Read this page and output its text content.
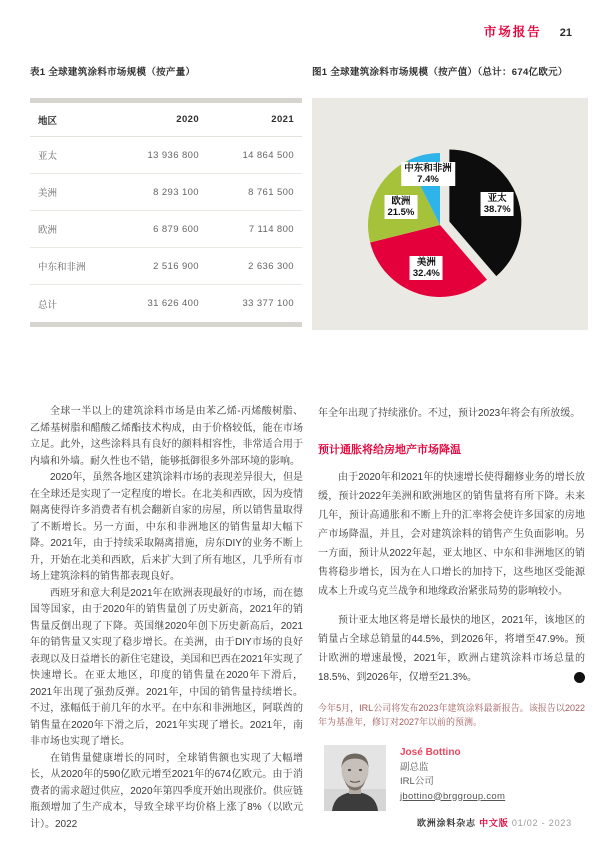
市场报告 21
表1 全球建筑涂料市场规模（按产量）
地区	2020	2021
亚太	13 936 800	14 864 500
美洲	8 293 100	8 761 500
欧洲	6 879 600	7 114 800
中东和非洲	2 516 900	2 636 300
总计	31 626 400	33 377 100
图1 全球建筑涂料市场规模（按产值）（总计：674亿欧元）
亚太
38.7%
美洲
32.4%
欧洲
21.5%
中东和非洲
7.4%

全球一半以上的建筑涂料市场是由苯乙烯-丙烯酸树脂、乙烯基树脂和醋酸乙烯酯技术构成，由于价格较低，能在市场立足。此外，这些涂料具有良好的颜料相容性，非常适合用于内墙和外墙。耐久性也不错，能够抵御很多外部环境的影响。

2020年，虽然各地区建筑涂料市场的表现差异很大，但是在全球还是实现了一定程度的增长。在北美和西欧，因为疫情隔离使得许多消费者有机会翻新自家的房屋，所以销售量取得了不断增长。另一方面，中东和非洲地区的销售量却大幅下降。2021年，由于持续采取隔离措施，房东DIY的业务不断上升，开始在北美和西欧，后来扩大到了所有地区，几乎所有市场上建筑涂料的销售都表现良好。

西班牙和意大利是2021年在欧洲表现最好的市场，而在德国等国家，由于2020年的销售量创了历史新高，2021年的销售量反倒出现了下降。英国继2020年创下历史新高后，2021年的销售量又实现了稳步增长。在美洲，由于DIY市场的良好表现以及日益增长的新住宅建设，美国和巴西在2021年实现了快速增长。在亚太地区，印度的销售量在2020年下滑后，2021年出现了强劲反弹。2021年，中国的销售量持续增长。不过，涨幅低于前几年的水平。在中东和非洲地区，阿联酋的销售量在2020年下滑之后，2021年实现了增长。2021年，南非市场也实现了增长。

在销售量健康增长的同时，全球销售额也实现了大幅增长，从2020年的590亿欧元增至2021年的674亿欧元。由于消费者的需求超过供应，2020年第四季度开始出现涨价。供应链瓶颈增加了生产成本，导致全球平均价格上涨了8%（以欧元计）。2022

年全年出现了持续涨价。不过，预计2023年将会有所放缓。

预计通胀将给房地产市场降温

由于2020年和2021年的快速增长使得翻修业务的增长放缓，预计2022年美洲和欧洲地区的销售量将有所下降。未来几年，预计高通胀和不断上升的汇率将会使许多国家的房地产市场降温，并且，会对建筑涂料的销售产生负面影响。另一方面，预计从2022年起，亚太地区、中东和非洲地区的销售将稳步增长，因为在人口增长的加持下，这些地区受能源成本上升或乌克兰战争和地缘政治紧张局势的影响较小。

预计亚太地区将是增长最快的地区，2021年，该地区的销量占全球总销量的44.5%，到2026年，将增至47.9%。预计欧洲的增速最慢，2021年，欧洲占建筑涂料市场总量的18.5%、到2026年，仅增至21.3%。	❮

今年5月，IRL公司将发布2023年建筑涂料最新报告。该报告以2022年为基准年，修订对2027年以前的预测。

José Bottino
副总监
IRL公司
jbottino@brggroup.com
欧洲涂料杂志 中文版 01/02 - 2023
